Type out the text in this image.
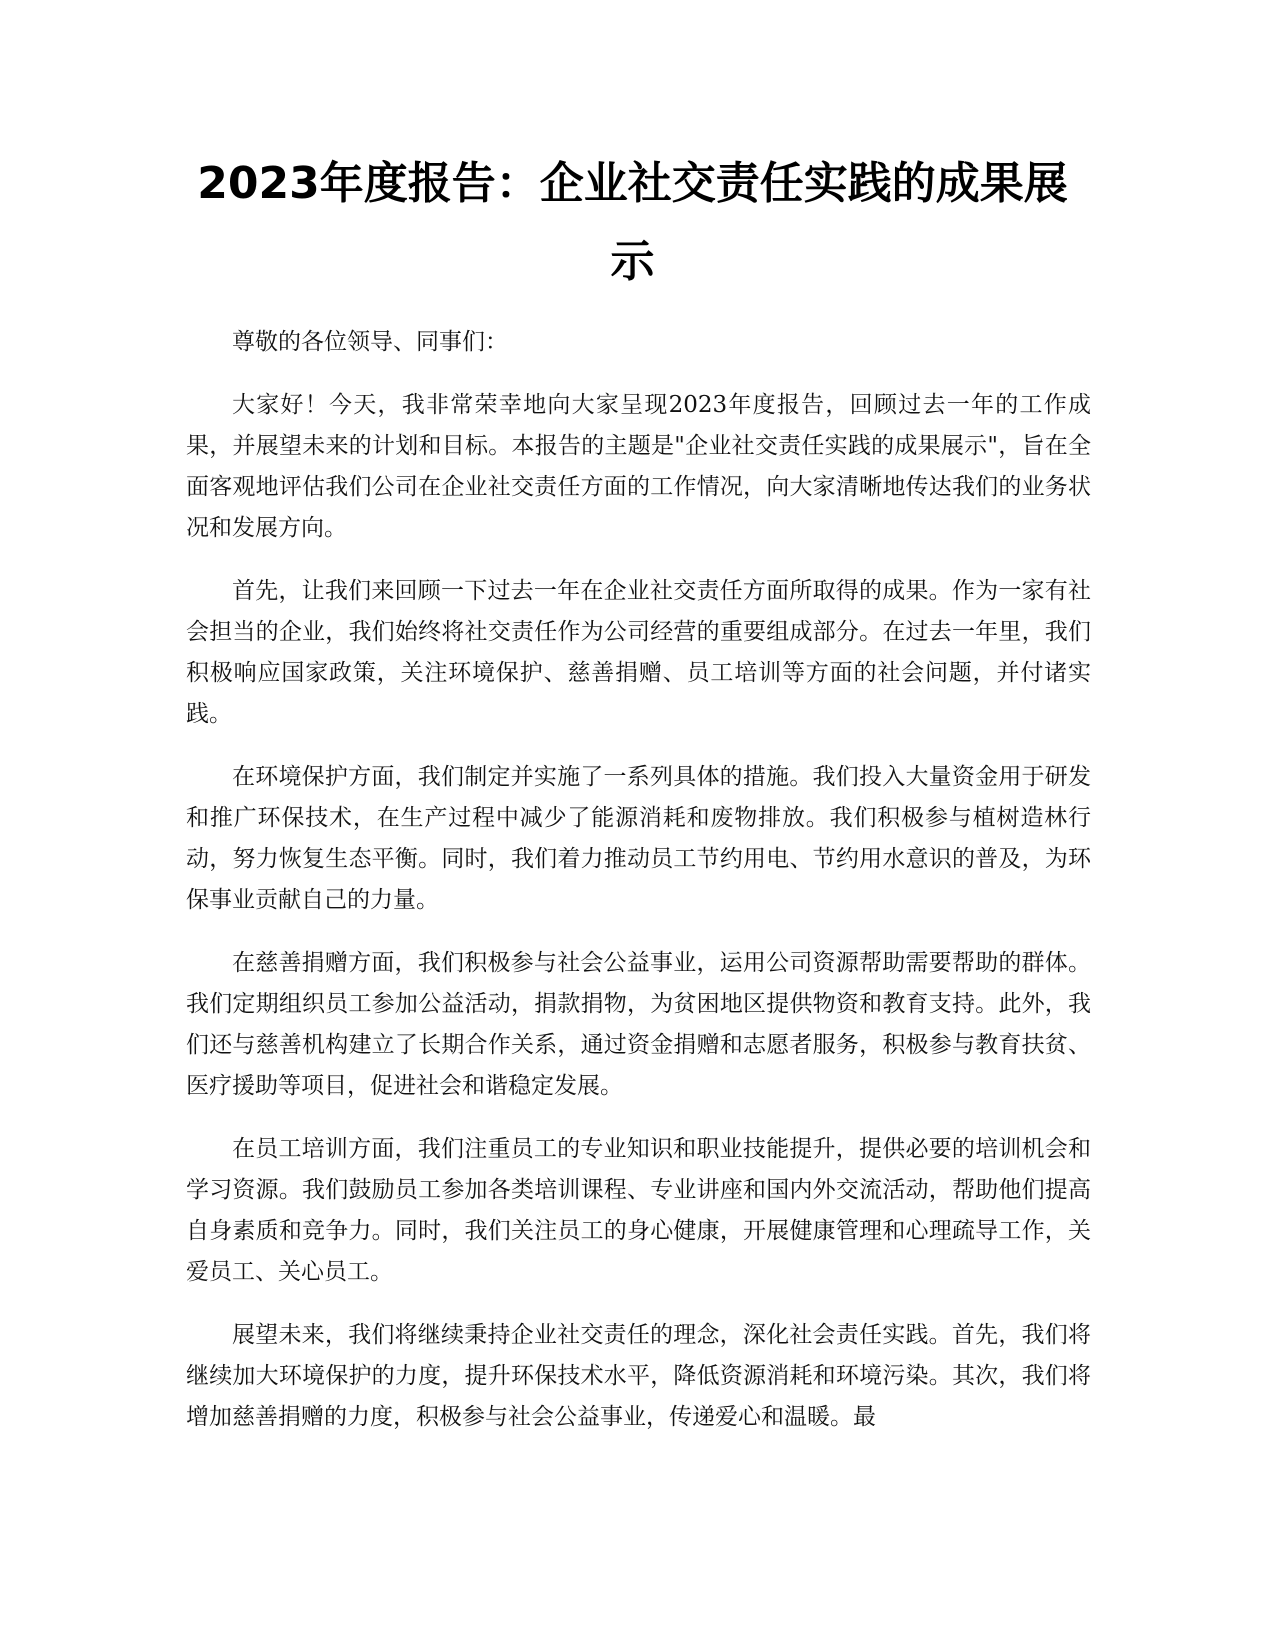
2023年度报告：企业社交责任实践的成果展示

尊敬的各位领导、同事们：

大家好！今天，我非常荣幸地向大家呈现2023年度报告，回顾过去一年的工作成果，并展望未来的计划和目标。本报告的主题是"企业社交责任实践的成果展示"，旨在全面客观地评估我们公司在企业社交责任方面的工作情况，向大家清晰地传达我们的业务状况和发展方向。

首先，让我们来回顾一下过去一年在企业社交责任方面所取得的成果。作为一家有社会担当的企业，我们始终将社交责任作为公司经营的重要组成部分。在过去一年里，我们积极响应国家政策，关注环境保护、慈善捐赠、员工培训等方面的社会问题，并付诸实践。

在环境保护方面，我们制定并实施了一系列具体的措施。我们投入大量资金用于研发和推广环保技术，在生产过程中减少了能源消耗和废物排放。我们积极参与植树造林行动，努力恢复生态平衡。同时，我们着力推动员工节约用电、节约用水意识的普及，为环保事业贡献自己的力量。

在慈善捐赠方面，我们积极参与社会公益事业，运用公司资源帮助需要帮助的群体。我们定期组织员工参加公益活动，捐款捐物，为贫困地区提供物资和教育支持。此外，我们还与慈善机构建立了长期合作关系，通过资金捐赠和志愿者服务，积极参与教育扶贫、医疗援助等项目，促进社会和谐稳定发展。

在员工培训方面，我们注重员工的专业知识和职业技能提升，提供必要的培训机会和学习资源。我们鼓励员工参加各类培训课程、专业讲座和国内外交流活动，帮助他们提高自身素质和竞争力。同时，我们关注员工的身心健康，开展健康管理和心理疏导工作，关爱员工、关心员工。

展望未来，我们将继续秉持企业社交责任的理念，深化社会责任实践。首先，我们将继续加大环境保护的力度，提升环保技术水平，降低资源消耗和环境污染。其次，我们将增加慈善捐赠的力度，积极参与社会公益事业，传递爱心和温暖。最
